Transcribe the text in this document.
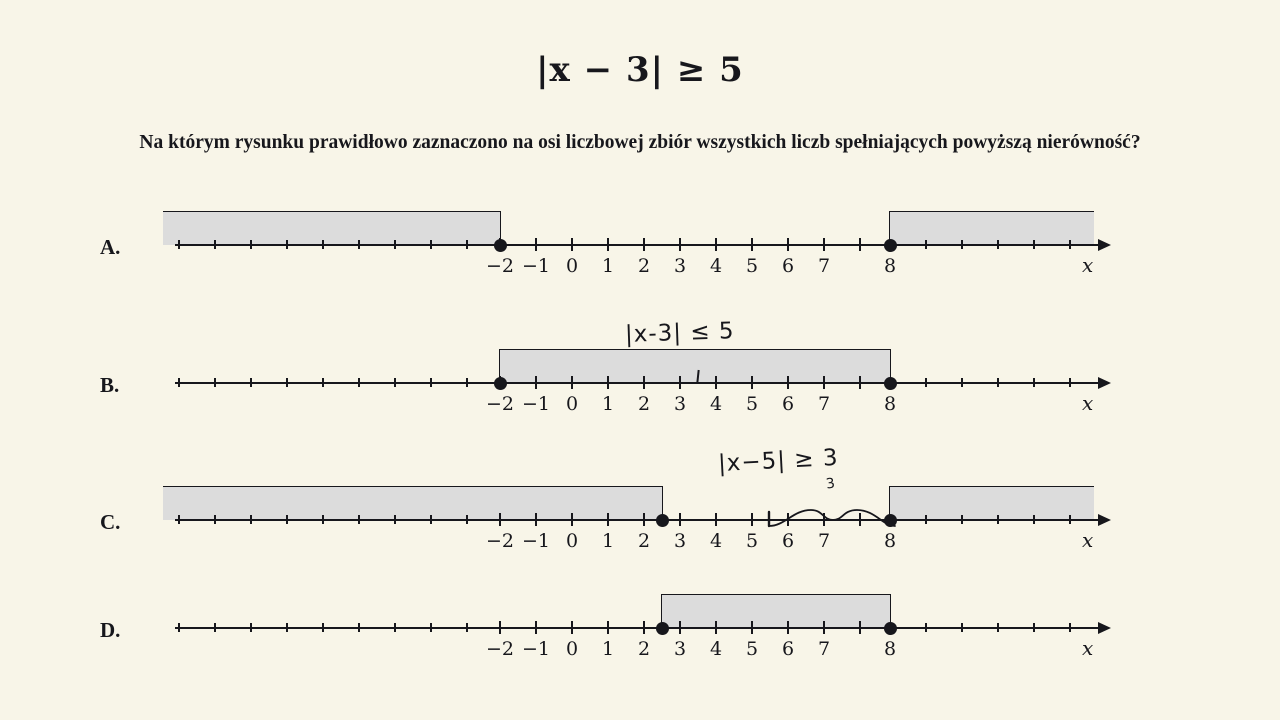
|x − 3| ≥ 5
Na którym rysunku prawidłowo zaznaczono na osi liczbowej zbiór wszystkich liczb spełniających powyższą nierówność?
A.
−2 −1 0	1	2	3	4	5	6	7	8	x
B.
−2 −1 0	1	2	3	4	5	6	7	8	x
|x-3| ≤ 5
C.
−2 −1 0	1	2	3	4	5	6	7	8	x
|x−5| ≥ 3
3
D.
−2 −1 0	1	2	3	4	5	6	7	8	x
